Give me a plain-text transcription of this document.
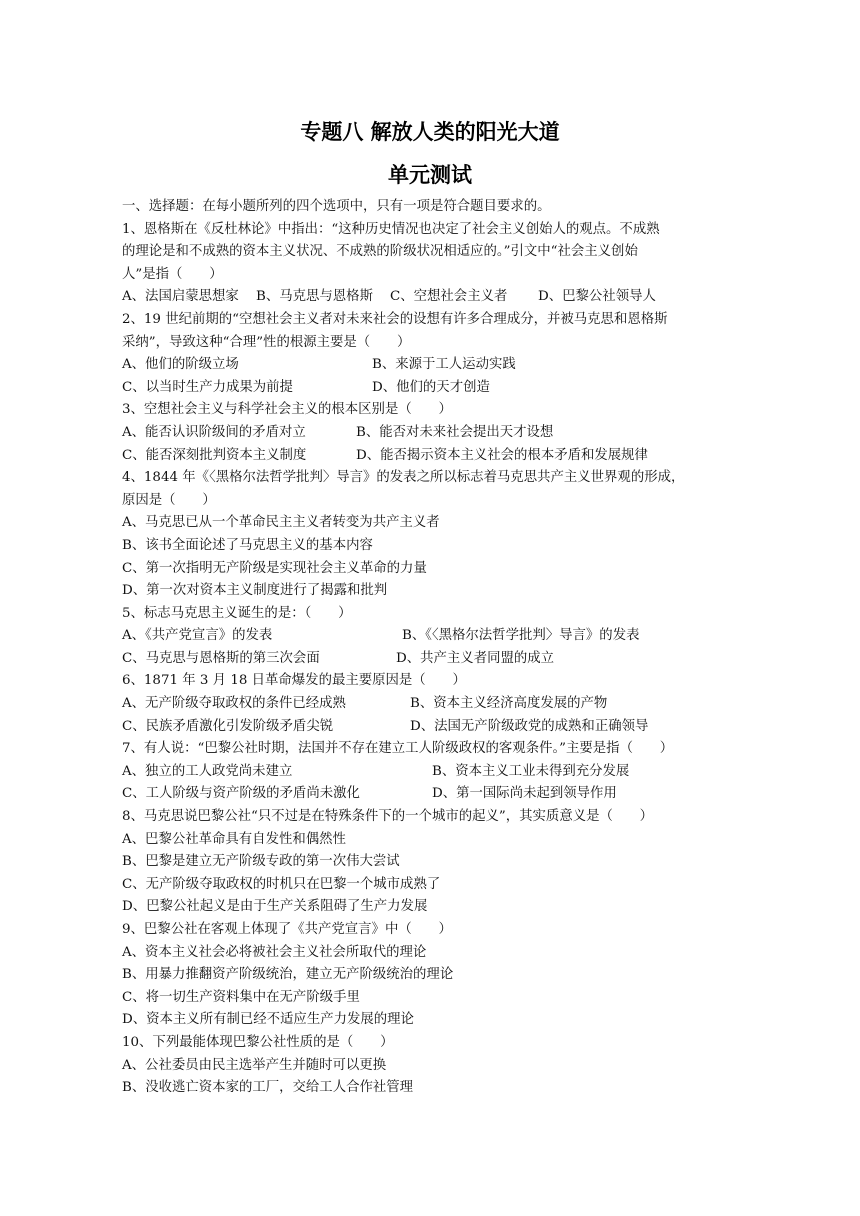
专题八 解放人类的阳光大道
单元测试
一、选择题：在每小题所列的四个选项中，只有一项是符合题目要求的。
1、恩格斯在《反杜林论》中指出：“这种历史情况也决定了社会主义创始人的观点。不成熟
的理论是和不成熟的资本主义状况、不成熟的阶级状况相适应的。”引文中“社会主义创始
人”是指（　　）
A、法国启蒙思想家	B、马克思与恩格斯	C、空想社会主义者	D、巴黎公社领导人
2、19 世纪前期的“空想社会主义者对未来社会的设想有许多合理成分，并被马克思和恩格斯
采纳”，导致这种“合理”性的根源主要是（　　）
A、他们的阶级立场	B、来源于工人运动实践
C、以当时生产力成果为前提	D、他们的天才创造
3、空想社会主义与科学社会主义的根本区别是（　　）
A、能否认识阶级间的矛盾对立	B、能否对未来社会提出天才设想
C、能否深刻批判资本主义制度	D、能否揭示资本主义社会的根本矛盾和发展规律
4、1844 年《〈黑格尔法哲学批判〉导言》的发表之所以标志着马克思共产主义世界观的形成，
原因是（　　）
A、马克思已从一个革命民主主义者转变为共产主义者
B、该书全面论述了马克思主义的基本内容
C、第一次指明无产阶级是实现社会主义革命的力量
D、第一次对资本主义制度进行了揭露和批判
5、标志马克思主义诞生的是：（　　）
A、《共产党宣言》的发表	B、《〈黑格尔法哲学批判〉导言》的发表
C、马克思与恩格斯的第三次会面	D、共产主义者同盟的成立
6、1871 年 3 月 18 日革命爆发的最主要原因是（　　）
A、无产阶级夺取政权的条件已经成熟	B、资本主义经济高度发展的产物
C、民族矛盾激化引发阶级矛盾尖锐	D、法国无产阶级政党的成熟和正确领导
7、有人说：“巴黎公社时期，法国并不存在建立工人阶级政权的客观条件。”主要是指（　　）
A、独立的工人政党尚未建立	B、资本主义工业未得到充分发展
C、工人阶级与资产阶级的矛盾尚未激化	D、第一国际尚未起到领导作用
8、马克思说巴黎公社“只不过是在特殊条件下的一个城市的起义”，其实质意义是（　　）
A、巴黎公社革命具有自发性和偶然性
B、巴黎是建立无产阶级专政的第一次伟大尝试
C、无产阶级夺取政权的时机只在巴黎一个城市成熟了
D、巴黎公社起义是由于生产关系阻碍了生产力发展
9、巴黎公社在客观上体现了《共产党宣言》中（　　）
A、资本主义社会必将被社会主义社会所取代的理论
B、用暴力推翻资产阶级统治，建立无产阶级统治的理论
C、将一切生产资料集中在无产阶级手里
D、资本主义所有制已经不适应生产力发展的理论
10、下列最能体现巴黎公社性质的是（　　）
A、公社委员由民主选举产生并随时可以更换
B、没收逃亡资本家的工厂，交给工人合作社管理
